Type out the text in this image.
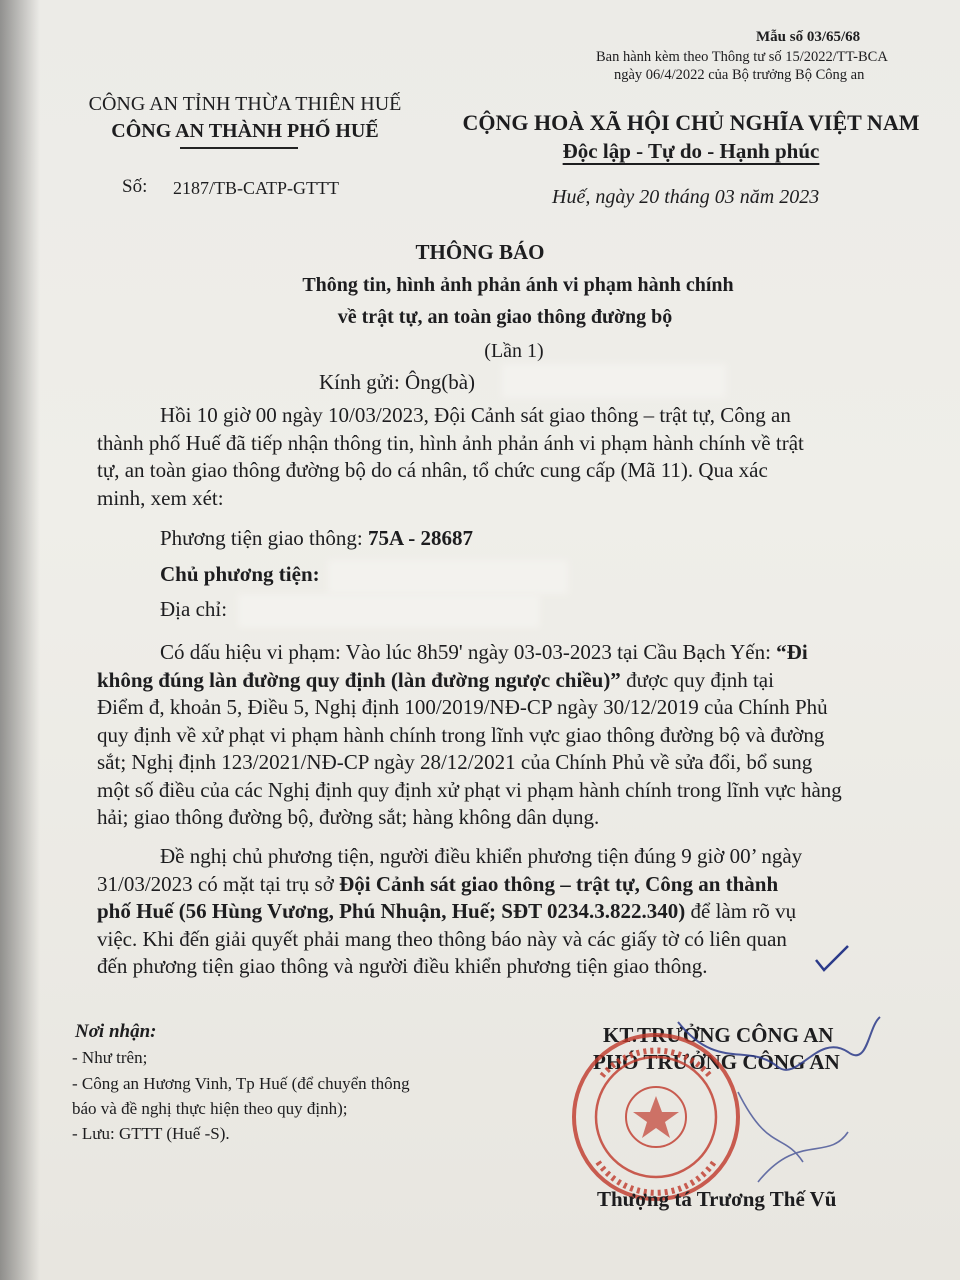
Mẫu số 03/65/68
Ban hành kèm theo Thông tư số 15/2022/TT-BCA
ngày 06/4/2022 của Bộ trưởng Bộ Công an
CÔNG AN TỈNH THỪA THIÊN HUẾ
CÔNG AN THÀNH PHỐ HUẾ
Số: 2187/TB-CATP-GTTT
CỘNG HOÀ XÃ HỘI CHỦ NGHĨA VIỆT NAM
Độc lập - Tự do - Hạnh phúc
Huế, ngày 20 tháng 03 năm 2023
THÔNG BÁO
Thông tin, hình ảnh phản ánh vi phạm hành chính
về trật tự, an toàn giao thông đường bộ
(Lần 1)
Kính gửi: Ông(bà)
Hồi 10 giờ 00 ngày 10/03/2023, Đội Cảnh sát giao thông – trật tự, Công an
thành phố Huế đã tiếp nhận thông tin, hình ảnh phản ánh vi phạm hành chính về trật
tự, an toàn giao thông đường bộ do cá nhân, tổ chức cung cấp (Mã 11). Qua xác
minh, xem xét:
Phương tiện giao thông: 75A - 28687
Chủ phương tiện:
Địa chỉ:
Có dấu hiệu vi phạm: Vào lúc 8h59' ngày 03-03-2023 tại Cầu Bạch Yến: “Đi
không đúng làn đường quy định (làn đường ngược chiều)” được quy định tại
Điểm đ, khoản 5, Điều 5, Nghị định 100/2019/NĐ-CP ngày 30/12/2019 của Chính Phủ
quy định về xử phạt vi phạm hành chính trong lĩnh vực giao thông đường bộ và đường
sắt; Nghị định 123/2021/NĐ-CP ngày 28/12/2021 của Chính Phủ về sửa đổi, bổ sung
một số điều của các Nghị định quy định xử phạt vi phạm hành chính trong lĩnh vực hàng
hải; giao thông đường bộ, đường sắt; hàng không dân dụng.
Đề nghị chủ phương tiện, người điều khiển phương tiện đúng 9 giờ 00’ ngày
31/03/2023 có mặt tại trụ sở Đội Cảnh sát giao thông – trật tự, Công an thành
phố Huế (56 Hùng Vương, Phú Nhuận, Huế; SĐT 0234.3.822.340) để làm rõ vụ
việc. Khi đến giải quyết phải mang theo thông báo này và các giấy tờ có liên quan
đến phương tiện giao thông và người điều khiển phương tiện giao thông.
Nơi nhận:
- Như trên;
- Công an Hương Vinh, Tp Huế (để chuyển thông
báo và đề nghị thực hiện theo quy định);
- Lưu: GTTT (Huế -S).
KT.TRƯỞNG CÔNG AN
PHÓ TRƯỞNG CÔNG AN
Thượng tá Trương Thế Vũ
